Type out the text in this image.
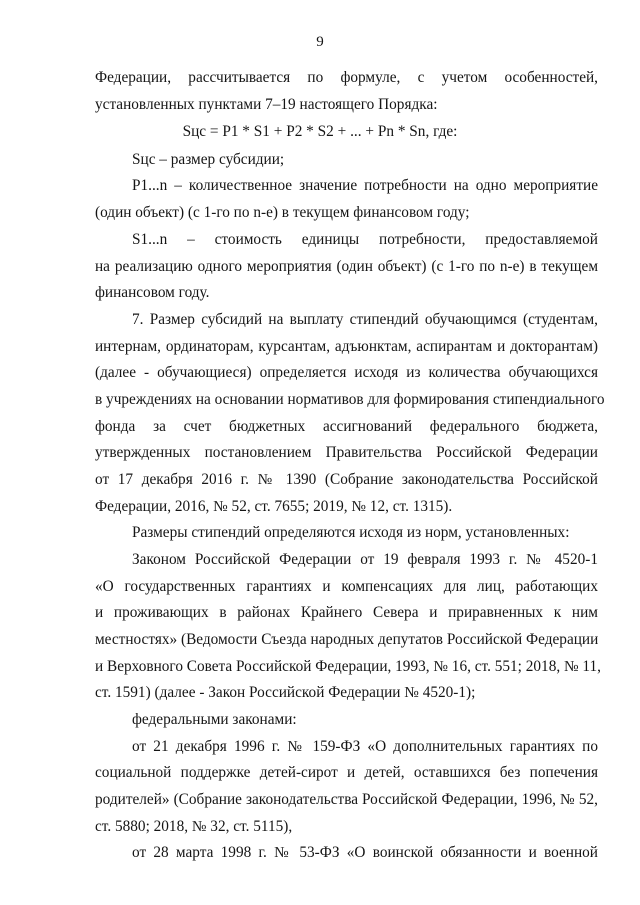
9
Федерации, рассчитывается по формуле, с учетом особенностей,
установленных пунктами 7–19 настоящего Порядка:
Sцс = P1 * S1 + P2 * S2 + ... + Pn * Sn, где:
Sцс – размер субсидии;
P1...n – количественное значение потребности на одно мероприятие
(один объект) (с 1-го по n-е) в текущем финансовом году;
S1...n – стоимость единицы потребности, предоставляемой
на реализацию одного мероприятия (один объект) (с 1-го по n-е) в текущем
финансовом году.
7. Размер субсидий на выплату стипендий обучающимся (студентам,
интернам, ординаторам, курсантам, адъюнктам, аспирантам и докторантам)
(далее - обучающиеся) определяется исходя из количества обучающихся
в учреждениях на основании нормативов для формирования стипендиального
фонда за счет бюджетных ассигнований федерального бюджета,
утвержденных постановлением Правительства Российской Федерации
от 17 декабря 2016 г. № 1390 (Собрание законодательства Российской
Федерации, 2016, № 52, ст. 7655; 2019, № 12, ст. 1315).
Размеры стипендий определяются исходя из норм, установленных:
Законом Российской Федерации от 19 февраля 1993 г. № 4520-1
«О государственных гарантиях и компенсациях для лиц, работающих
и проживающих в районах Крайнего Севера и приравненных к ним
местностях» (Ведомости Съезда народных депутатов Российской Федерации
и Верховного Совета Российской Федерации, 1993, № 16, ст. 551; 2018, № 11,
ст. 1591) (далее - Закон Российской Федерации № 4520-1);
федеральными законами:
от 21 декабря 1996 г. № 159-ФЗ «О дополнительных гарантиях по
социальной поддержке детей-сирот и детей, оставшихся без попечения
родителей» (Собрание законодательства Российской Федерации, 1996, № 52,
ст. 5880; 2018, № 32, ст. 5115),
от 28 марта 1998 г. № 53-ФЗ «О воинской обязанности и военной
